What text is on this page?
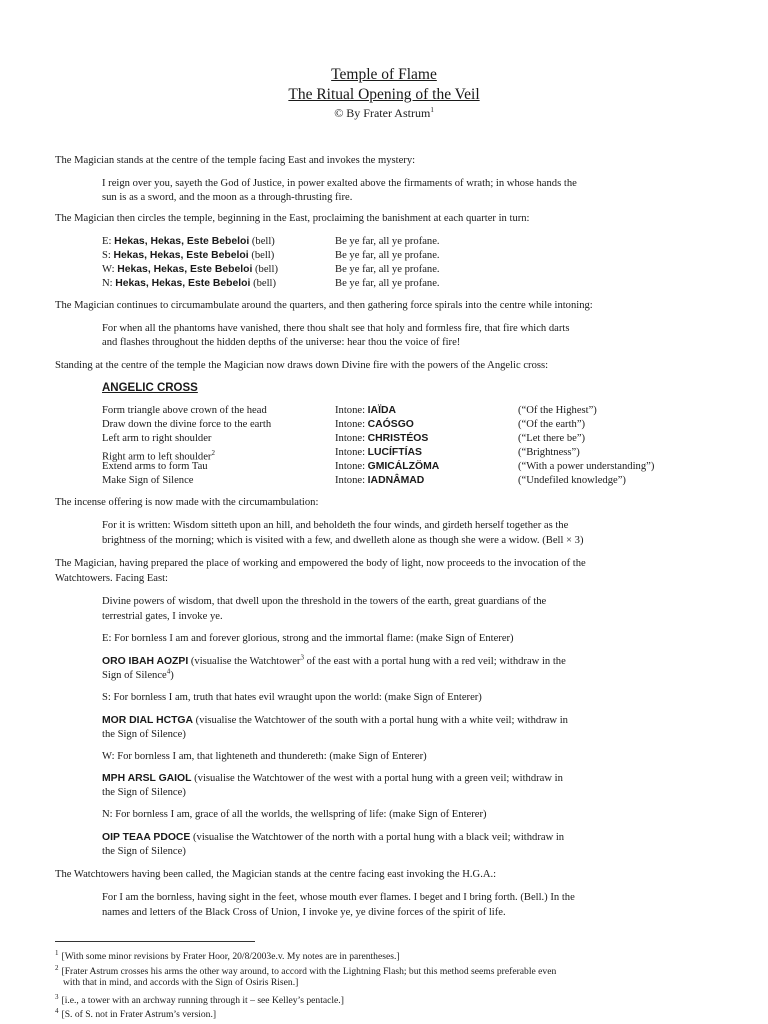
Temple of Flame
The Ritual Opening of the Veil
© By Frater Astrum$^1$
The Magician stands at the centre of the temple facing East and invokes the mystery:
I reign over you, sayeth the God of Justice, in power exalted above the firmaments of wrath; in whose hands the
sun is as a sword, and the moon as a through-thrusting fire.
The Magician then circles the temple, beginning in the East, proclaiming the banishment at each quarter in turn:
E: Hekas, Hekas, Este Bebeloi (bell)	Be ye far, all ye profane.
S: Hekas, Hekas, Este Bebeloi (bell)	Be ye far, all ye profane.
W: Hekas, Hekas, Este Bebeloi (bell)	Be ye far, all ye profane.
N: Hekas, Hekas, Este Bebeloi (bell)	Be ye far, all ye profane.
The Magician continues to circumambulate around the quarters, and then gathering force spirals into the centre while intoning:
For when all the phantoms have vanished, there thou shalt see that holy and formless fire, that fire which darts
and flashes throughout the hidden depths of the universe: hear thou the voice of fire!
Standing at the centre of the temple the Magician now draws down Divine fire with the powers of the Angelic cross:
ANGELIC CROSS
Form triangle above crown of the head	Intone: IAÏDA	(“Of the Highest”)
Draw down the divine force to the earth	Intone: CAÓSGO	(“Of the earth”)
Left arm to right shoulder	Intone: CHRISTÉOS	(“Let there be”)
Right arm to left shoulder$^2$	Intone: LUCÍFTÍAS	(“Brightness”)
Extend arms to form Tau	Intone: GMICÁLZÖMA	(“With a power understanding”)
Make Sign of Silence	Intone: IADNÂMAD	(“Undefiled knowledge”)
The incense offering is now made with the circumambulation:
For it is written: Wisdom sitteth upon an hill, and beholdeth the four winds, and girdeth herself together as the
brightness of the morning; which is visited with a few, and dwelleth alone as though she were a widow. (Bell × 3)
The Magician, having prepared the place of working and empowered the body of light, now proceeds to the invocation of the
Watchtowers. Facing East:
Divine powers of wisdom, that dwell upon the threshold in the towers of the earth, great guardians of the
terrestrial gates, I invoke ye.
E: For bornless I am and forever glorious, strong and the immortal flame: (make Sign of Enterer)
ORO IBAH AOZPI (visualise the Watchtower$^3$ of the east with a portal hung with a red veil; withdraw in the
Sign of Silence$^4$)
S: For bornless I am, truth that hates evil wraught upon the world: (make Sign of Enterer)
MOR DIAL HCTGA (visualise the Watchtower of the south with a portal hung with a white veil; withdraw in
the Sign of Silence)
W: For bornless I am, that lighteneth and thundereth: (make Sign of Enterer)
MPH ARSL GAIOL (visualise the Watchtower of the west with a portal hung with a green veil; withdraw in
the Sign of Silence)
N: For bornless I am, grace of all the worlds, the wellspring of life: (make Sign of Enterer)
OIP TEAA PDOCE (visualise the Watchtower of the north with a portal hung with a black veil; withdraw in
the Sign of Silence)
The Watchtowers having been called, the Magician stands at the centre facing east invoking the H.G.A.:
For I am the bornless, having sight in the feet, whose mouth ever flames. I beget and I bring forth. (Bell.) In the
names and letters of the Black Cross of Union, I invoke ye, ye divine forces of the spirit of life.
$^1$ [With some minor revisions by Frater Hoor, 20/8/2003e.v. My notes are in parentheses.]
$^2$ [Frater Astrum crosses his arms the other way around, to accord with the Lightning Flash; but this method seems preferable even
with that in mind, and accords with the Sign of Osiris Risen.]
$^3$ [i.e., a tower with an archway running through it – see Kelley’s pentacle.]
$^4$ [S. of S. not in Frater Astrum’s version.]
